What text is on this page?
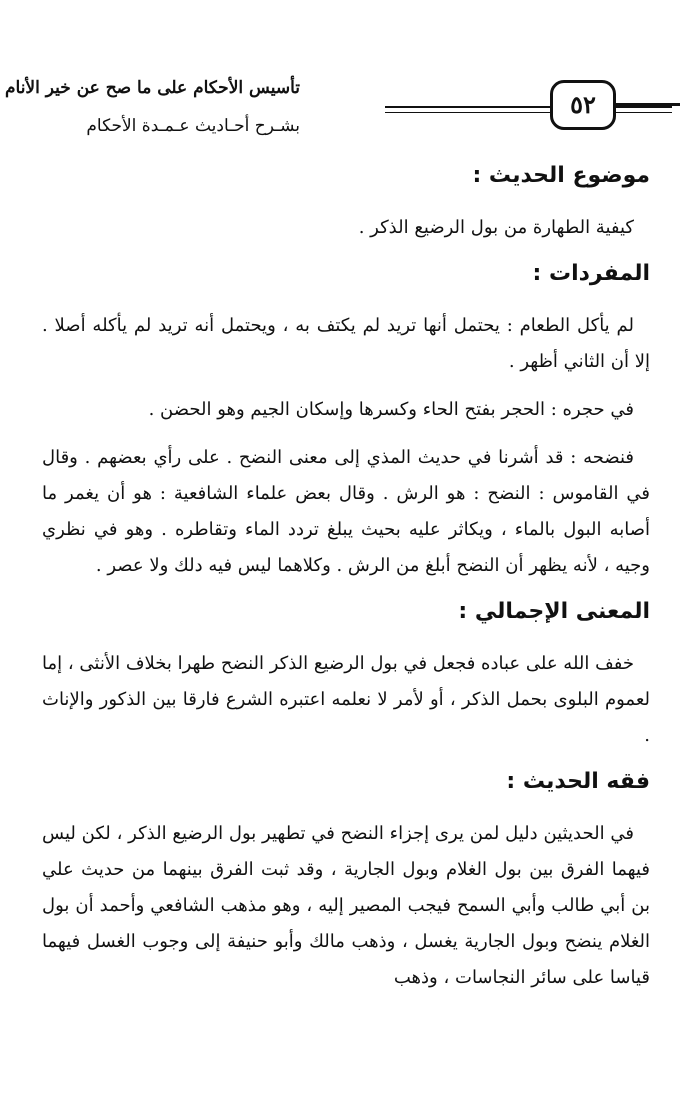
تأسيس الأحكام على ما صح عن خير الأنام
بشـرح أحـاديث عـمـدة الأحكام
٥٢
موضوع الحديث :

كيفية الطهارة من بول الرضيع الذكر .

المفردات :

لم يأكل الطعام : يحتمل أنها تريد لم يكتف به ، ويحتمل أنه تريد لم يأكله أصلا . إلا أن الثاني أظهر .

في حجره : الحجر بفتح الحاء وكسرها وإسكان الجيم وهو الحضن .

فنضحه : قد أشرنا في حديث المذي إلى معنى النضح . على رأي بعضهم . وقال في القاموس : النضح : هو الرش . وقال بعض علماء الشافعية : هو أن يغمر ما أصابه البول بالماء ، ويكاثر عليه بحيث يبلغ تردد الماء وتقاطره . وهو في نظري وجيه ، لأنه يظهر أن النضح أبلغ من الرش . وكلاهما ليس فيه دلك ولا عصر .

المعنى الإجمالي :

خفف الله على عباده فجعل في بول الرضيع الذكر النضح طهرا بخلاف الأنثى ، إما لعموم البلوى بحمل الذكر ، أو لأمر لا نعلمه اعتبره الشرع فارقا بين الذكور والإناث .

فقه الحديث :

في الحديثين دليل لمن يرى إجزاء النضح في تطهير بول الرضيع الذكر ، لكن ليس فيهما الفرق بين بول الغلام وبول الجارية ، وقد ثبت الفرق بينهما من حديث علي بن أبي طالب وأبي السمح فيجب المصير إليه ، وهو مذهب الشافعي وأحمد أن بول الغلام ينضح وبول الجارية يغسل ، وذهب مالك وأبو حنيفة إلى وجوب الغسل فيهما قياسا على سائر النجاسات ، وذهب
